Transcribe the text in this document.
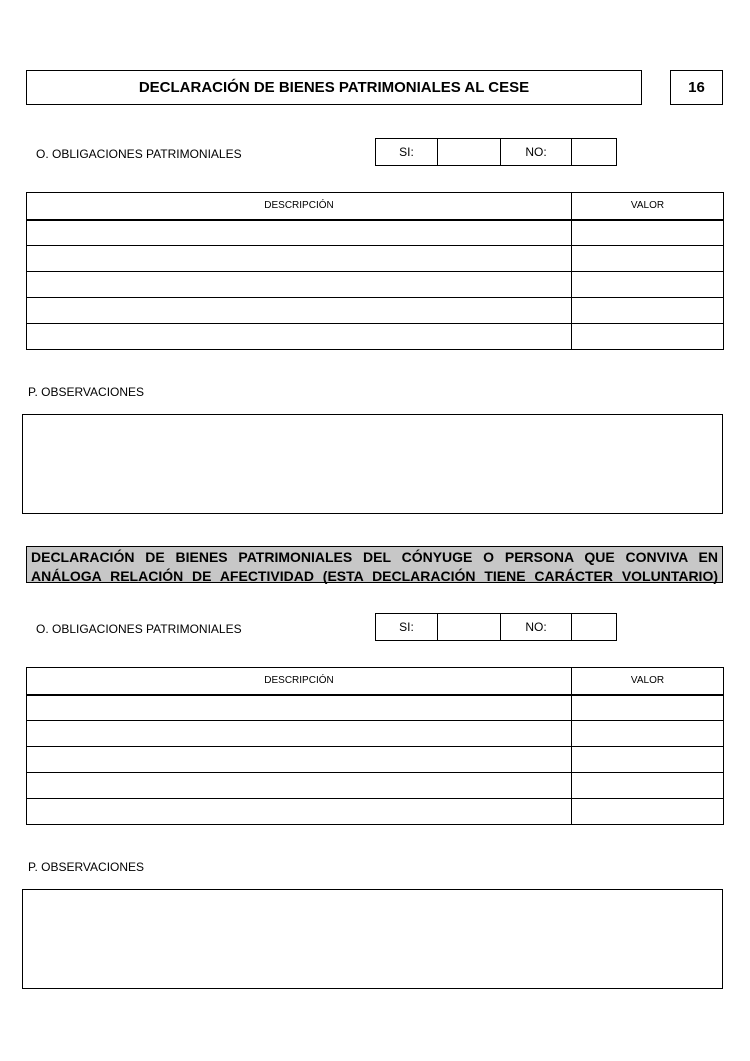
DECLARACIÓN DE BIENES PATRIMONIALES AL CESE	16
O. OBLIGACIONES PATRIMONIALES	SI:	NO:
DESCRIPCIÓN	VALOR

P. OBSERVACIONES
DECLARACIÓN DE BIENES PATRIMONIALES DEL CÓNYUGE O PERSONA QUE CONVIVA EN
ANÁLOGA RELACIÓN DE AFECTIVIDAD (ESTA DECLARACIÓN TIENE CARÁCTER VOLUNTARIO)
O. OBLIGACIONES PATRIMONIALES	SI:	NO:
DESCRIPCIÓN	VALOR

P. OBSERVACIONES
